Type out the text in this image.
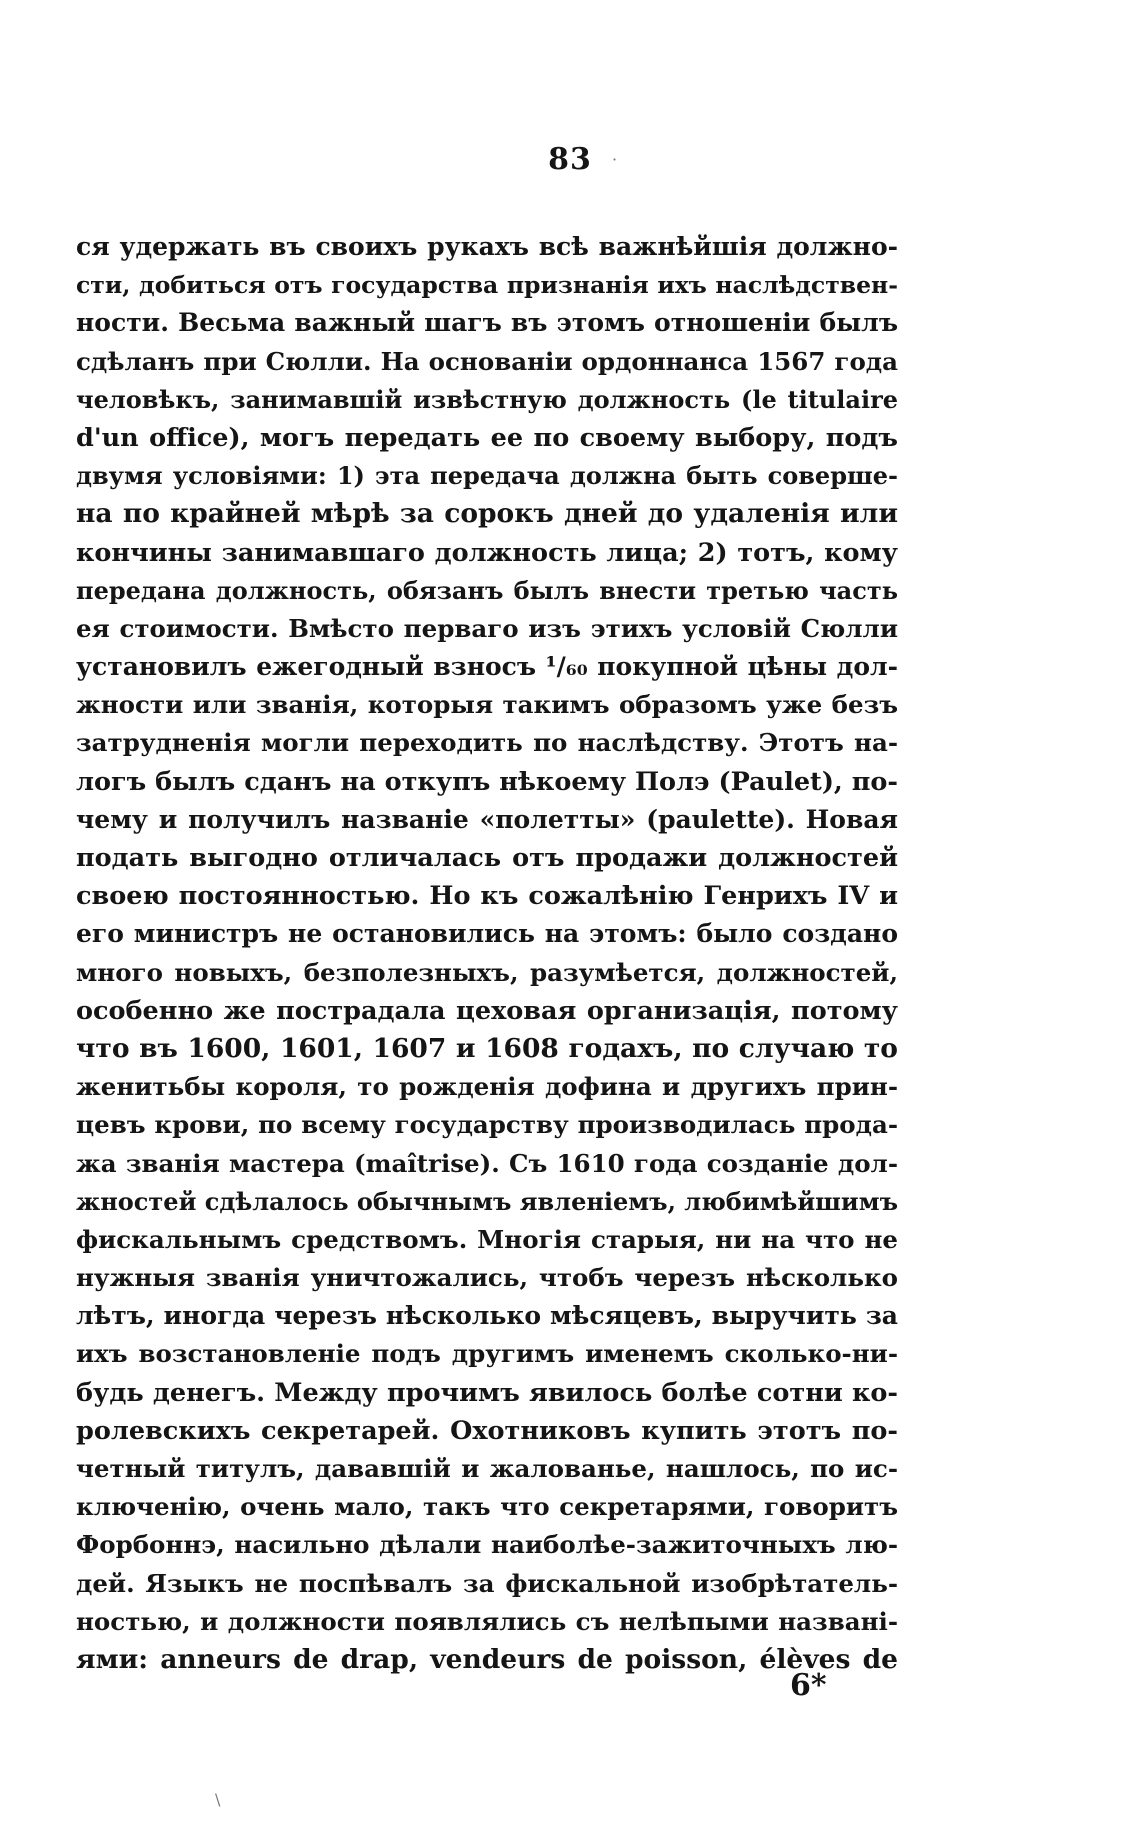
83	·
ся удержать въ своихъ рукахъ всѣ важнѣйшія должно-
сти, добиться отъ государства признанія ихъ наслѣдствен-
ности. Весьма важный шагъ въ этомъ отношенiи былъ
сдѣланъ при Сюлли. На основанiи ордоннанса 1567 года
человѣкъ, занимавшій извѣстную должность (le titulaire
d'un office), могъ передать ее по своему выбору, подъ
двумя условіями: 1) эта передача должна быть соверше-
на по крайней мѣрѣ за сорокъ дней до удаленія или
кончины занимавшаго должность лица; 2) тотъ, кому
передана должность, обязанъ былъ внести третью часть
ея стоимости. Вмѣсто перваго изъ этихъ условій Сюлли
установилъ ежегодный взносъ ¹/₆₀ покупной цѣны дол-
жности или званія, которыя такимъ образомъ уже безъ
затрудненія могли переходить по наслѣдству. Этотъ на-
логъ былъ сданъ на откупъ нѣкоему Полэ (Paulet), по-
чему и получилъ названіе «полетты» (paulette). Новая
подать выгодно отличалась отъ продажи должностей
своею постоянностью. Но къ сожалѣнію Генрихъ IV и
его министръ не остановились на этомъ: было создано
много новыхъ, безполезныхъ, разумѣется, должностей,
особенно же пострадала цеховая организація, потому
что въ 1600, 1601, 1607 и 1608 годахъ, по случаю то
женитьбы короля, то рожденія дофина и другихъ прин-
цевъ крови, по всему государству производилась прода-
жа званія мастера (maîtrise). Съ 1610 года созданіе дол-
жностей сдѣлалось обычнымъ явленіемъ, любимѣйшимъ
фискальнымъ средствомъ. Многія старыя, ни на что не
нужныя званія уничтожались, чтобъ черезъ нѣсколько
лѣтъ, иногда черезъ нѣсколько мѣсяцевъ, выручить за
ихъ возстановленіе подъ другимъ именемъ сколько-ни-
будь денегъ. Между прочимъ явилось болѣе сотни ко-
ролевскихъ секретарей. Охотниковъ купить этотъ по-
четный титулъ, дававшій и жалованье, нашлось, по ис-
ключенію, очень мало, такъ что секретарями, говоритъ
Форбоннэ, насильно дѣлали наиболѣе-зажиточныхъ лю-
дей. Языкъ не поспѣвалъ за фискальной изобрѣтатель-
ностью, и должности появлялись съ нелѣпыми названі-
ями: anneurs de drap, vendeurs de poisson, élèves de
6*
\
